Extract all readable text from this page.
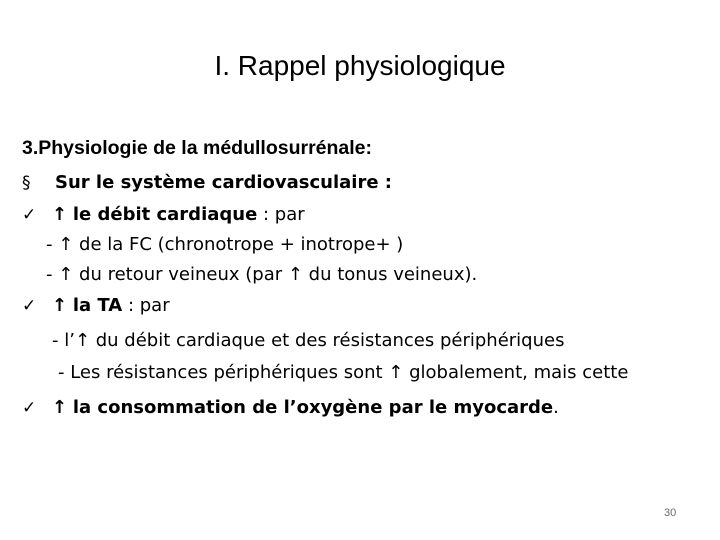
I. Rappel physiologique
3.Physiologie de la médullosurrénale:
§ Sur le système cardiovasculaire :
✓ ↑ le débit cardiaque : par
- ↑ de la FC (chronotrope + inotrope+ )
- ↑ du retour veineux (par ↑ du tonus veineux).
✓ ↑ la TA : par
- l’↑ du débit cardiaque et des résistances périphériques
- Les résistances périphériques sont ↑ globalement, mais cette
✓ ↑ la consommation de l’oxygène par le myocarde.
30
